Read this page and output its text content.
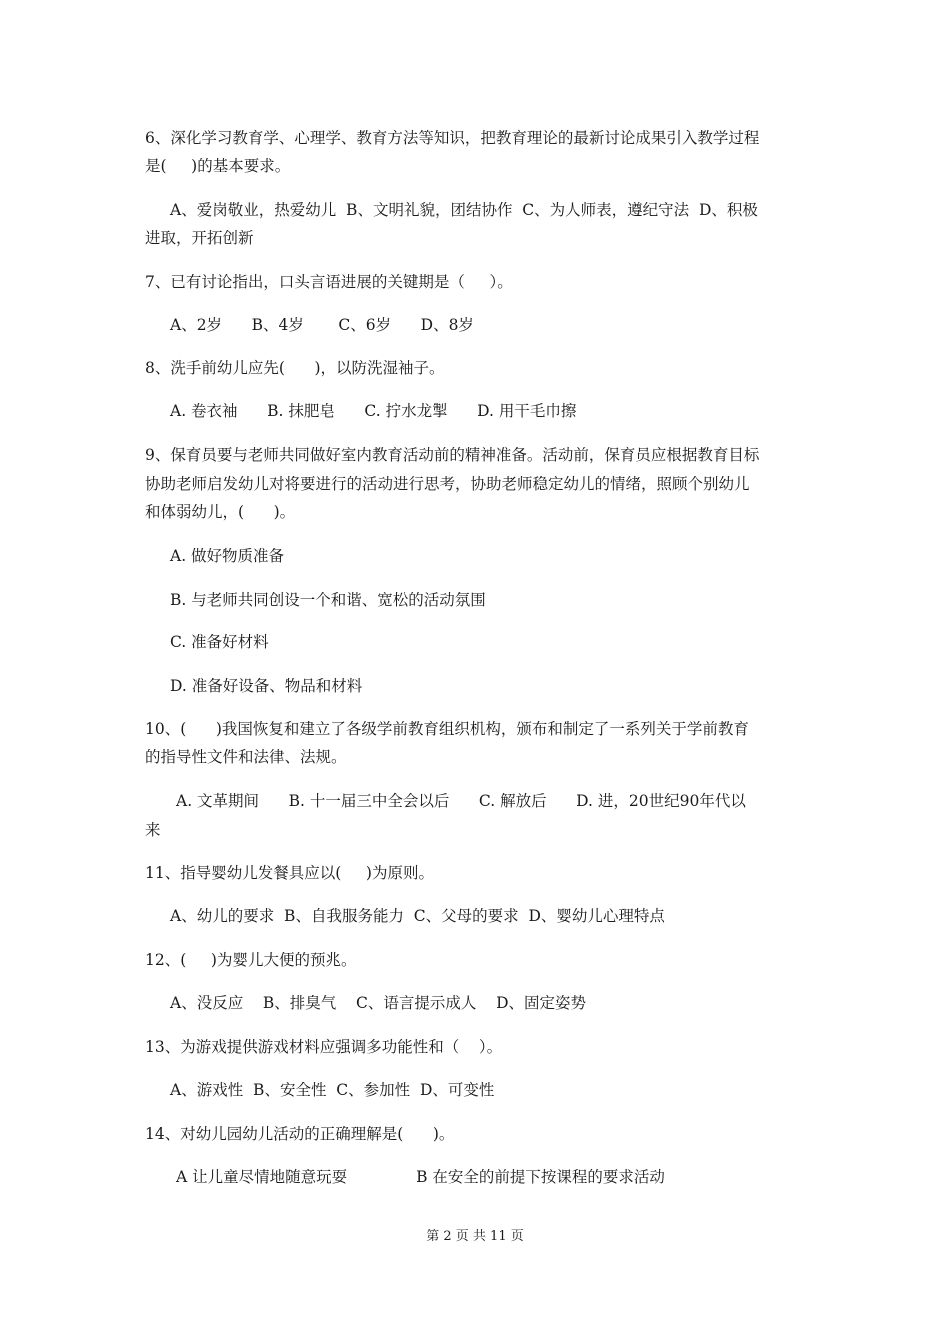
6、深化学习教育学、心理学、教育方法等知识，把教育理论的最新讨论成果引入教学过程
是(     )的基本要求。
A、爱岗敬业，热爱幼儿  B、文明礼貌，团结协作  C、为人师表，遵纪守法  D、积极
进取，开拓创新
7、已有讨论指出，口头言语进展的关键期是（     ）。
A、2岁      B、4岁       C、6岁      D、8岁
8、洗手前幼儿应先(      )，以防洗湿袖子。
A. 卷衣袖      B. 抹肥皂      C. 拧水龙掣      D. 用干毛巾擦
9、保育员要与老师共同做好室内教育活动前的精神准备。活动前，保育员应根据教育目标
协助老师启发幼儿对将要进行的活动进行思考，协助老师稳定幼儿的情绪，照顾个别幼儿
和体弱幼儿，(      )。
A. 做好物质准备
B. 与老师共同创设一个和谐、宽松的活动氛围
C. 准备好材料
D. 准备好设备、物品和材料
10、(      )我国恢复和建立了各级学前教育组织机构，颁布和制定了一系列关于学前教育
的指导性文件和法律、法规。
A. 文革期间      B. 十一届三中全会以后      C. 解放后      D. 进，20世纪90年代以
来
11、指导婴幼儿发餐具应以(     )为原则。
A、幼儿的要求  B、自我服务能力  C、父母的要求  D、婴幼儿心理特点
12、(     )为婴儿大便的预兆。
A、没反应    B、排臭气    C、语言提示成人    D、固定姿势
13、为游戏提供游戏材料应强调多功能性和（    ）。
A、游戏性  B、安全性  C、参加性  D、可变性
14、对幼儿园幼儿活动的正确理解是(      )。
A 让儿童尽情地随意玩耍              B 在安全的前提下按课程的要求活动
第 2 页 共 11 页
